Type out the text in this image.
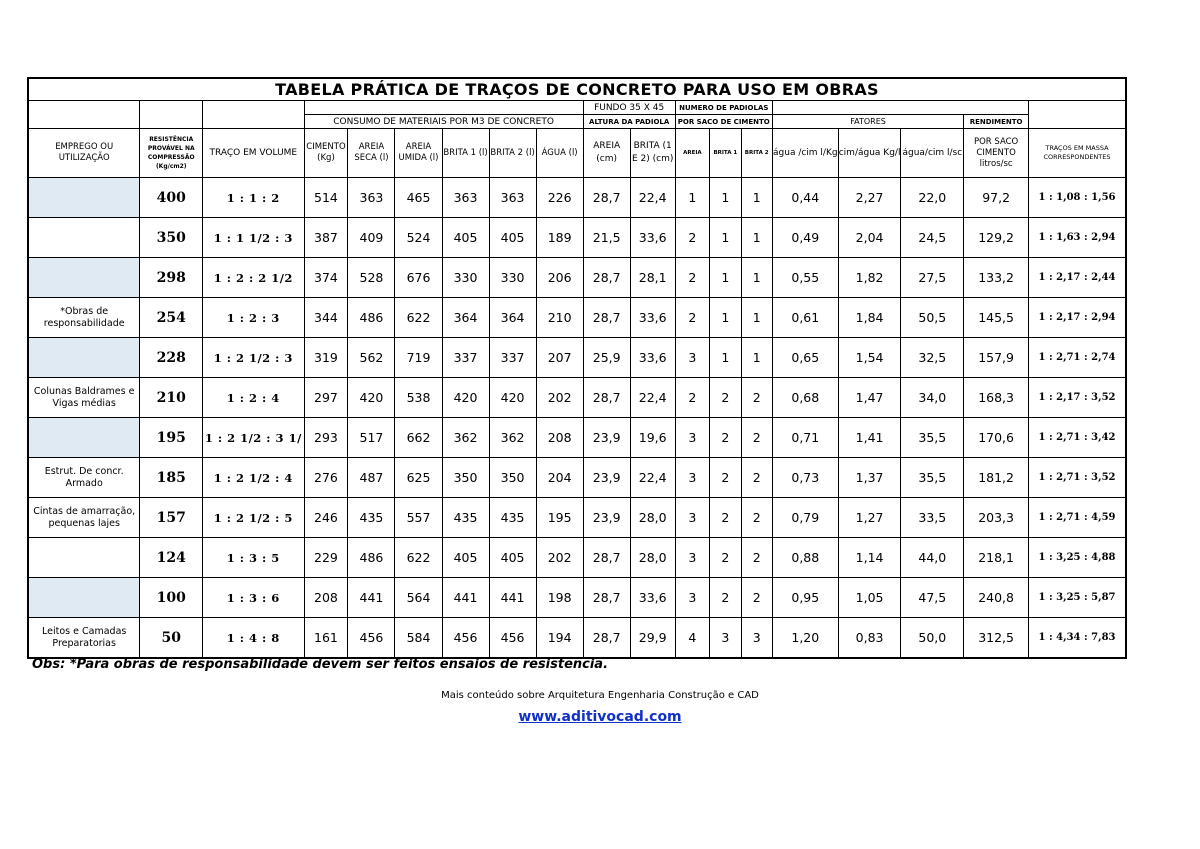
TABELA PRÁTICA DE TRAÇOS DE CONCRETO PARA USO EM OBRAS																		
									FUNDO 35 X 45		NUMERO DE PADIOLAS							
			CONSUMO DE MATERIAIS POR M3 DE CONCRETO						ALTURA DA PADIOLA		POR SACO DE CIMENTO			FATORES			RENDIMENTO	
EMPREGO OU UTILIZAÇÃO	RESISTÊNCIA PROVÁVEL NA COMPRESSÃO (Kg/cm2)	TRAÇO EM VOLUME	CIMENTO (Kg)	AREIA SECA (l)	AREIA UMIDA (l)	BRITA 1 (l)	BRITA 2 (l)	ÁGUA (l)	AREIA (cm)	BRITA (1 E 2) (cm)	AREIA	BRITA 1	BRITA 2	água /cim l/Kg	cim/água Kg/l	água/cim l/sc	POR SACO CIMENTO litros/sc	TRAÇOS EM MASSA CORRESPONDENTES
	400	1 : 1 : 2	514	363	465	363	363	226	28,7	22,4	1	1	1	0,44	2,27	22,0	97,2	1 : 1,08 : 1,56
	350	1 : 1 1/2 : 3	387	409	524	405	405	189	21,5	33,6	2	1	1	0,49	2,04	24,5	129,2	1 : 1,63 : 2,94
	298	1 : 2 : 2 1/2	374	528	676	330	330	206	28,7	28,1	2	1	1	0,55	1,82	27,5	133,2	1 : 2,17 : 2,44
*Obras de responsabilidade	254	1 : 2 : 3	344	486	622	364	364	210	28,7	33,6	2	1	1	0,61	1,84	50,5	145,5	1 : 2,17 : 2,94
	228	1 : 2 1/2 : 3	319	562	719	337	337	207	25,9	33,6	3	1	1	0,65	1,54	32,5	157,9	1 : 2,71 : 2,74
Colunas Baldrames e Vigas médias	210	1 : 2 : 4	297	420	538	420	420	202	28,7	22,4	2	2	2	0,68	1,47	34,0	168,3	1 : 2,17 : 3,52
	195	1 : 2 1/2 : 3 1/	293	517	662	362	362	208	23,9	19,6	3	2	2	0,71	1,41	35,5	170,6	1 : 2,71 : 3,42
Estrut. De concr. Armado	185	1 : 2 1/2 : 4	276	487	625	350	350	204	23,9	22,4	3	2	2	0,73	1,37	35,5	181,2	1 : 2,71 : 3,52
Cintas de amarração, pequenas lajes	157	1 : 2 1/2 : 5	246	435	557	435	435	195	23,9	28,0	3	2	2	0,79	1,27	33,5	203,3	1 : 2,71 : 4,59
	124	1 : 3 : 5	229	486	622	405	405	202	28,7	28,0	3	2	2	0,88	1,14	44,0	218,1	1 : 3,25 : 4,88
	100	1 : 3 : 6	208	441	564	441	441	198	28,7	33,6	3	2	2	0,95	1,05	47,5	240,8	1 : 3,25 : 5,87
Leitos e Camadas Preparatorias	50	1 : 4 : 8	161	456	584	456	456	194	28,7	29,9	4	3	3	1,20	0,83	50,0	312,5	1 : 4,34 : 7,83
Obs: *Para obras de responsabilidade devem ser feitos ensaios de resistencia.
Mais conteúdo sobre Arquitetura Engenharia Construção e CAD
www.aditivocad.com
